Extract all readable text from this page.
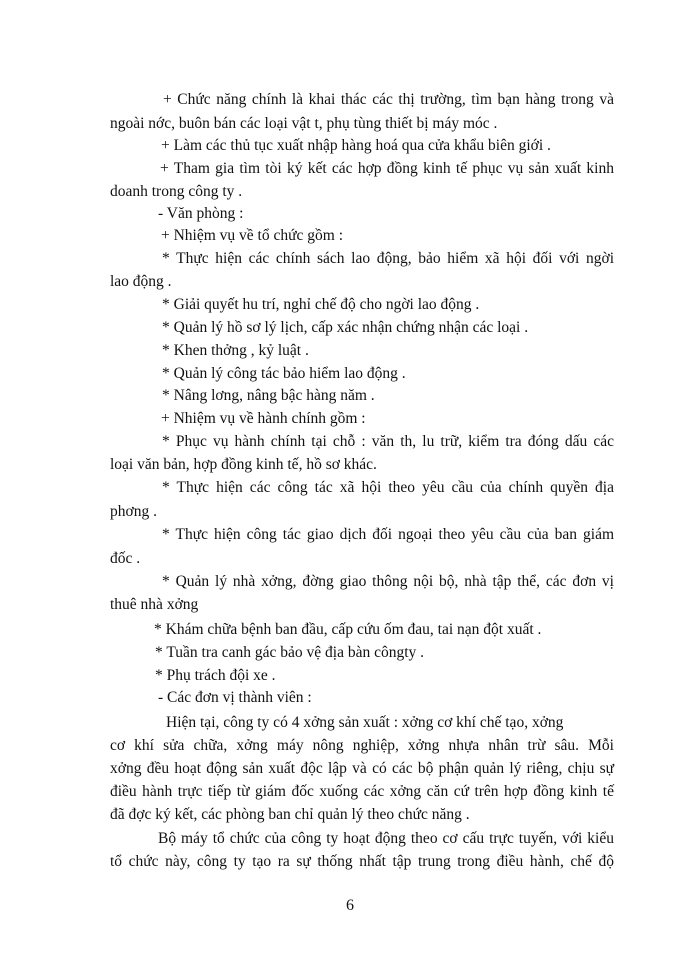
+ Chức năng chính là khai thác các thị trường, tìm bạn hàng trong và
ngoài nớc, buôn bán các loại vật t, phụ tùng thiết bị máy móc .
+ Làm các thủ tục xuất nhập hàng hoá qua cửa khẩu biên giới .
+ Tham gia tìm tòi ký kết các hợp đồng kinh tế phục vụ sản xuất kinh
doanh trong công ty .
- Văn phòng :
+ Nhiệm vụ về tổ chức gồm :
* Thực hiện các chính sách lao động, bảo hiểm xã hội đối với ngời
lao động .
* Giải quyết hu trí, nghỉ chế độ cho ngời lao động .
* Quản lý hồ sơ lý lịch, cấp xác nhận chứng nhận các loại .
* Khen thởng , kỷ luật .
* Quản lý công tác bảo hiểm lao động .
* Nâng lơng, nâng bậc hàng năm .
+ Nhiệm vụ về hành chính gồm :
* Phục vụ hành chính tại chỗ : văn th, lu trữ, kiểm tra đóng dấu các
loại văn bản, hợp đồng kinh tế, hồ sơ khác.
* Thực hiện các công tác xã hội theo yêu cầu của chính quyền địa
phơng .
* Thực hiện công tác giao dịch đối ngoại theo yêu cầu của ban giám
đốc .
* Quản lý nhà xởng, đờng giao thông nội bộ, nhà tập thể, các đơn vị
thuê nhà xởng
* Khám chữa bệnh ban đầu, cấp cứu ốm đau, tai nạn đột xuất .
* Tuần tra canh gác bảo vệ địa bàn côngty .
* Phụ trách đội xe .
- Các đơn vị thành viên :
Hiện tại, công ty có 4 xởng sản xuất : xởng cơ khí chế tạo, xởng
cơ khí sửa chữa, xởng máy nông nghiệp, xởng nhựa nhân trừ sâu. Mỗi
xởng đều hoạt động sản xuất độc lập và có các bộ phận quản lý riêng, chịu sự
điều hành trực tiếp từ giám đốc xuống các xởng căn cứ trên hợp đồng kinh tế
đã đợc ký kết, các phòng ban chỉ quản lý theo chức năng .
Bộ máy tổ chức của công ty hoạt động theo cơ cấu trực tuyến, với kiểu
tổ chức này, công ty tạo ra sự thống nhất tập trung trong điều hành, chế độ
6
